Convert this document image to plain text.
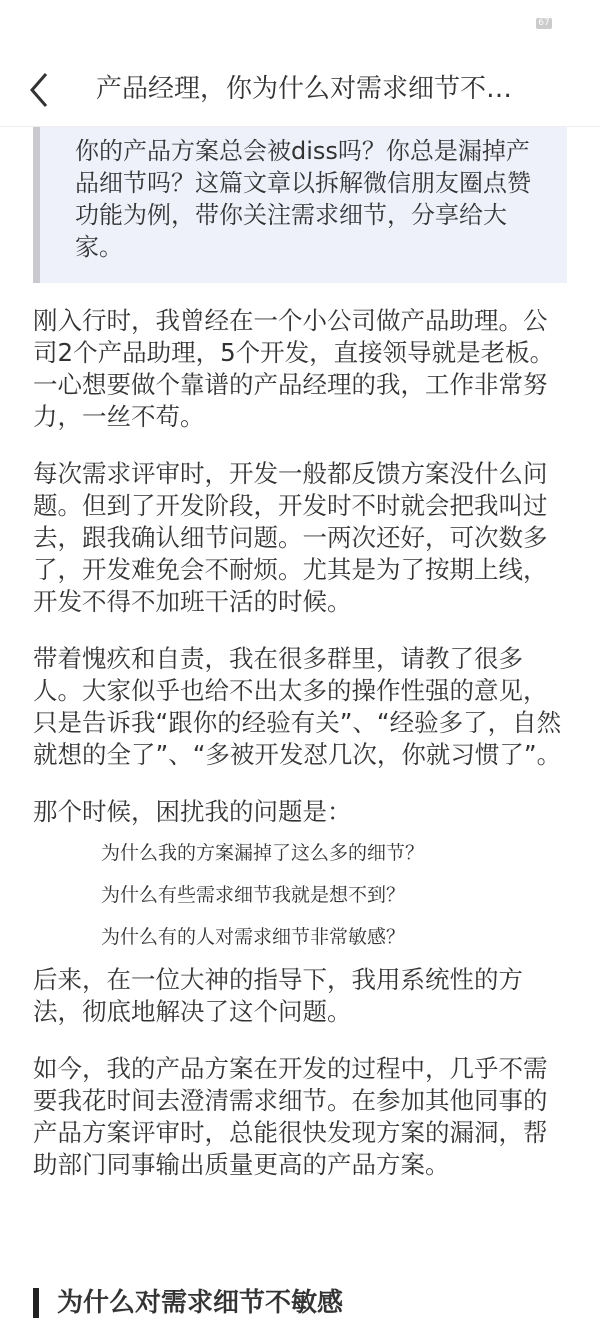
67
产品经理，你为什么对需求细节不…
你的产品方案总会被diss吗？你总是漏掉产品细节吗？这篇文章以拆解微信朋友圈点赞功能为例，带你关注需求细节，分享给大家。

刚入行时，我曾经在一个小公司做产品助理。公司2个产品助理，5个开发，直接领导就是老板。一心想要做个靠谱的产品经理的我，工作非常努力，一丝不苟。

每次需求评审时，开发一般都反馈方案没什么问题。但到了开发阶段，开发时不时就会把我叫过去，跟我确认细节问题。一两次还好，可次数多了，开发难免会不耐烦。尤其是为了按期上线，开发不得不加班干活的时候。

带着愧疚和自责，我在很多群里，请教了很多人。大家似乎也给不出太多的操作性强的意见，只是告诉我“跟你的经验有关”、“经验多了，自然就想的全了”、“多被开发怼几次，你就习惯了”。

那个时候，困扰我的问题是：

为什么我的方案漏掉了这么多的细节？
为什么有些需求细节我就是想不到？
为什么有的人对需求细节非常敏感？

后来，在一位大神的指导下，我用系统性的方法，彻底地解决了这个问题。

如今，我的产品方案在开发的过程中，几乎不需要我花时间去澄清需求细节。在参加其他同事的产品方案评审时，总能很快发现方案的漏洞，帮助部门同事输出质量更高的产品方案。

为什么对需求细节不敏感
